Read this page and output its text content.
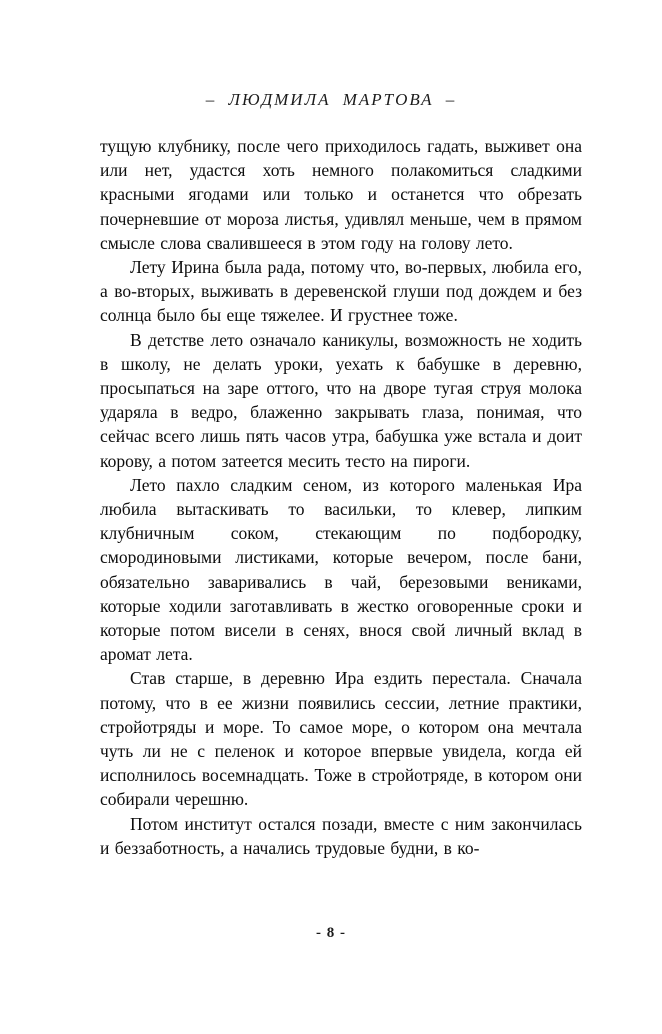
– ЛЮДМИЛА МАРТОВА –

тущую клубнику, после чего приходилось гадать, выживет она или нет, удастся хоть немного полакомиться сладкими красными ягодами или только и останется что обрезать почерневшие от мороза листья, удивлял меньше, чем в прямом смысле слова свалившееся в этом году на голову лето.

Лету Ирина была рада, потому что, во-первых, любила его, а во-вторых, выживать в деревенской глуши под дождем и без солнца было бы еще тяжелее. И грустнее тоже.

В детстве лето означало каникулы, возможность не ходить в школу, не делать уроки, уехать к бабушке в деревню, просыпаться на заре оттого, что на дворе тугая струя молока ударяла в ведро, блаженно закрывать глаза, понимая, что сейчас всего лишь пять часов утра, бабушка уже встала и доит корову, а потом затеется месить тесто на пироги.

Лето пахло сладким сеном, из которого маленькая Ира любила вытаскивать то васильки, то клевер, липким клубничным соком, стекающим по подбородку, смородиновыми листиками, которые вечером, после бани, обязательно заваривались в чай, березовыми вениками, которые ходили заготавливать в жестко оговоренные сроки и которые потом висели в сенях, внося свой личный вклад в аромат лета.

Став старше, в деревню Ира ездить перестала. Сначала потому, что в ее жизни появились сессии, летние практики, стройотряды и море. То самое море, о котором она мечтала чуть ли не с пеленок и которое впервые увидела, когда ей исполнилось восемнадцать. Тоже в стройотряде, в котором они собирали черешню.

Потом институт остался позади, вместе с ним закончилась и беззаботность, а начались трудовые будни, в ко-

- 8 -
